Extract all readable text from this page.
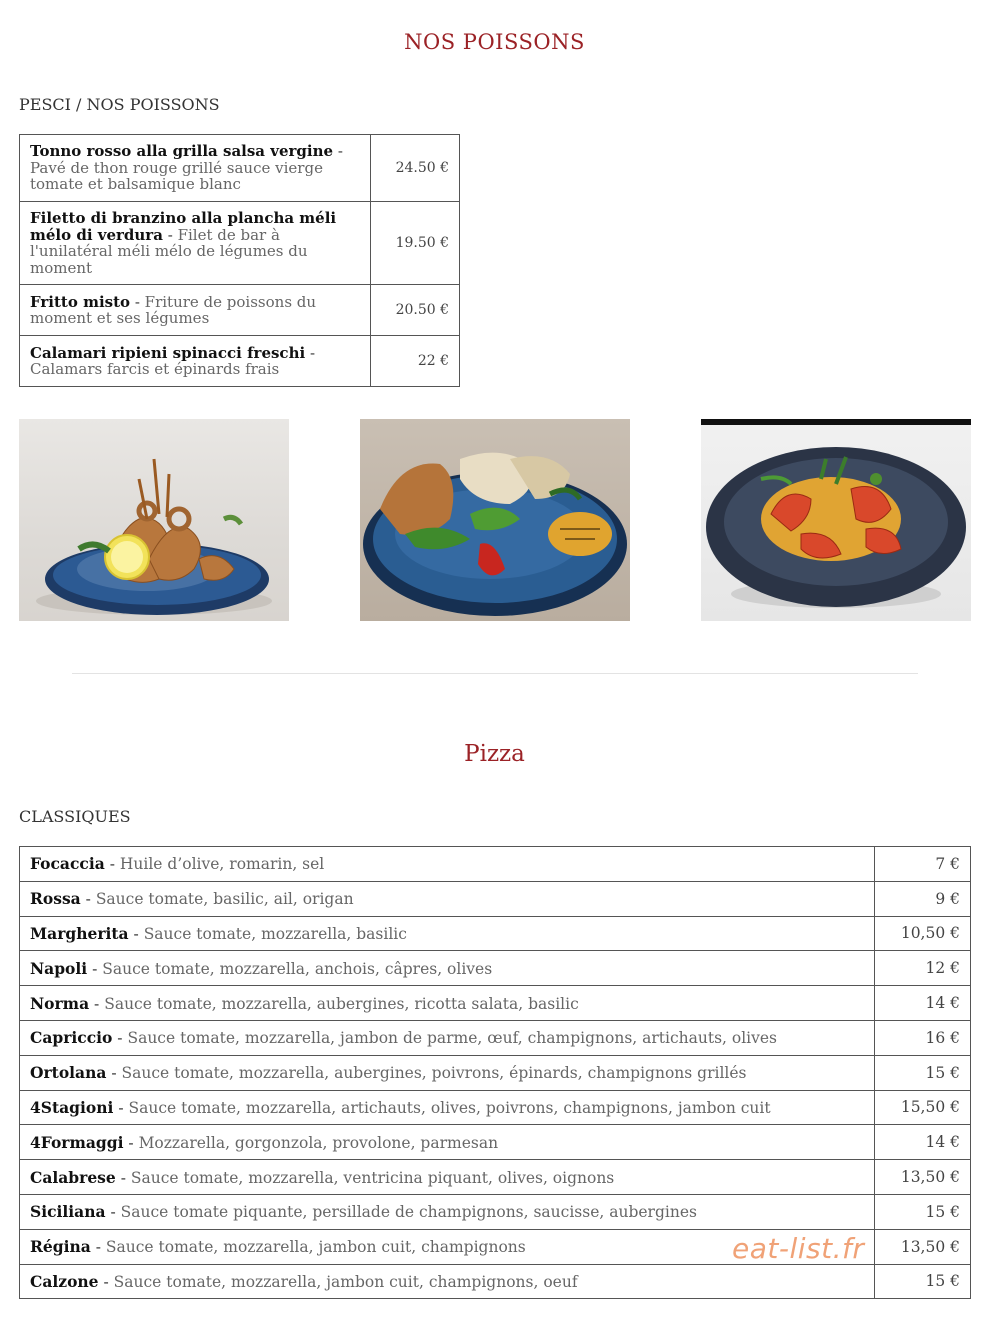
NOS POISSONS
PESCI / NOS POISSONS
Tonno rosso alla grilla salsa vergine - Pavé de thon rouge grillé sauce vierge tomate et balsamique blanc	24.50 €
Filetto di branzino alla plancha méli mélo di verdura - Filet de bar à l'unilatéral méli mélo de légumes du moment	19.50 €
Fritto misto - Friture de poissons du moment et ses légumes	20.50 €
Calamari ripieni spinacci freschi - Calamars farcis et épinards frais	22 €
Pizza
CLASSIQUES
Focaccia - Huile d’olive, romarin, sel	7 €
Rossa - Sauce tomate, basilic, ail, origan	9 €
Margherita - Sauce tomate, mozzarella, basilic	10,50 €
Napoli - Sauce tomate, mozzarella, anchois, câpres, olives	12 €
Norma - Sauce tomate, mozzarella, aubergines, ricotta salata, basilic	14 €
Capriccio - Sauce tomate, mozzarella, jambon de parme, œuf, champignons, artichauts, olives	16 €
Ortolana - Sauce tomate, mozzarella, aubergines, poivrons, épinards, champignons grillés	15 €
4Stagioni - Sauce tomate, mozzarella, artichauts, olives, poivrons, champignons, jambon cuit	15,50 €
4Formaggi - Mozzarella, gorgonzola, provolone, parmesan	14 €
Calabrese - Sauce tomate, mozzarella, ventricina piquant, olives, oignons	13,50 €
Siciliana - Sauce tomate piquante, persillade de champignons, saucisse, aubergines	15 €
Régina - Sauce tomate, mozzarella, jambon cuit, champignons	13,50 €
Calzone - Sauce tomate, mozzarella, jambon cuit, champignons, oeuf	15 €
eat-list.fr
